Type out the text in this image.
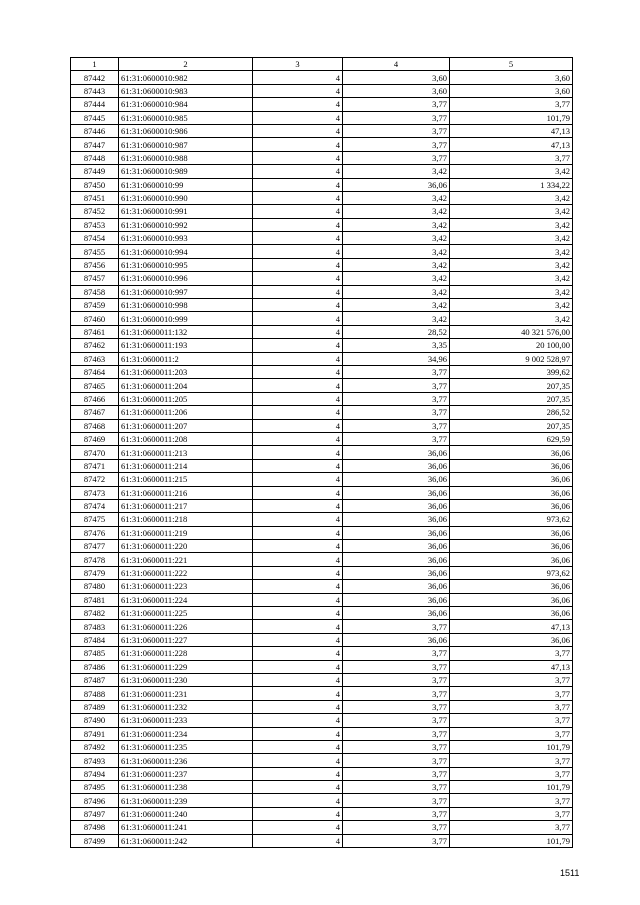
1	2	3	4	5
87442	61:31:0600010:982	4	3,60	3,60
87443	61:31:0600010:983	4	3,60	3,60
87444	61:31:0600010:984	4	3,77	3,77
87445	61:31:0600010:985	4	3,77	101,79
87446	61:31:0600010:986	4	3,77	47,13
87447	61:31:0600010:987	4	3,77	47,13
87448	61:31:0600010:988	4	3,77	3,77
87449	61:31:0600010:989	4	3,42	3,42
87450	61:31:0600010:99	4	36,06	1 334,22
87451	61:31:0600010:990	4	3,42	3,42
87452	61:31:0600010:991	4	3,42	3,42
87453	61:31:0600010:992	4	3,42	3,42
87454	61:31:0600010:993	4	3,42	3,42
87455	61:31:0600010:994	4	3,42	3,42
87456	61:31:0600010:995	4	3,42	3,42
87457	61:31:0600010:996	4	3,42	3,42
87458	61:31:0600010:997	4	3,42	3,42
87459	61:31:0600010:998	4	3,42	3,42
87460	61:31:0600010:999	4	3,42	3,42
87461	61:31:0600011:132	4	28,52	40 321 576,00
87462	61:31:0600011:193	4	3,35	20 100,00
87463	61:31:0600011:2	4	34,96	9 002 528,97
87464	61:31:0600011:203	4	3,77	399,62
87465	61:31:0600011:204	4	3,77	207,35
87466	61:31:0600011:205	4	3,77	207,35
87467	61:31:0600011:206	4	3,77	286,52
87468	61:31:0600011:207	4	3,77	207,35
87469	61:31:0600011:208	4	3,77	629,59
87470	61:31:0600011:213	4	36,06	36,06
87471	61:31:0600011:214	4	36,06	36,06
87472	61:31:0600011:215	4	36,06	36,06
87473	61:31:0600011:216	4	36,06	36,06
87474	61:31:0600011:217	4	36,06	36,06
87475	61:31:0600011:218	4	36,06	973,62
87476	61:31:0600011:219	4	36,06	36,06
87477	61:31:0600011:220	4	36,06	36,06
87478	61:31:0600011:221	4	36,06	36,06
87479	61:31:0600011:222	4	36,06	973,62
87480	61:31:0600011:223	4	36,06	36,06
87481	61:31:0600011:224	4	36,06	36,06
87482	61:31:0600011:225	4	36,06	36,06
87483	61:31:0600011:226	4	3,77	47,13
87484	61:31:0600011:227	4	36,06	36,06
87485	61:31:0600011:228	4	3,77	3,77
87486	61:31:0600011:229	4	3,77	47,13
87487	61:31:0600011:230	4	3,77	3,77
87488	61:31:0600011:231	4	3,77	3,77
87489	61:31:0600011:232	4	3,77	3,77
87490	61:31:0600011:233	4	3,77	3,77
87491	61:31:0600011:234	4	3,77	3,77
87492	61:31:0600011:235	4	3,77	101,79
87493	61:31:0600011:236	4	3,77	3,77
87494	61:31:0600011:237	4	3,77	3,77
87495	61:31:0600011:238	4	3,77	101,79
87496	61:31:0600011:239	4	3,77	3,77
87497	61:31:0600011:240	4	3,77	3,77
87498	61:31:0600011:241	4	3,77	3,77
87499	61:31:0600011:242	4	3,77	101,79
1511
